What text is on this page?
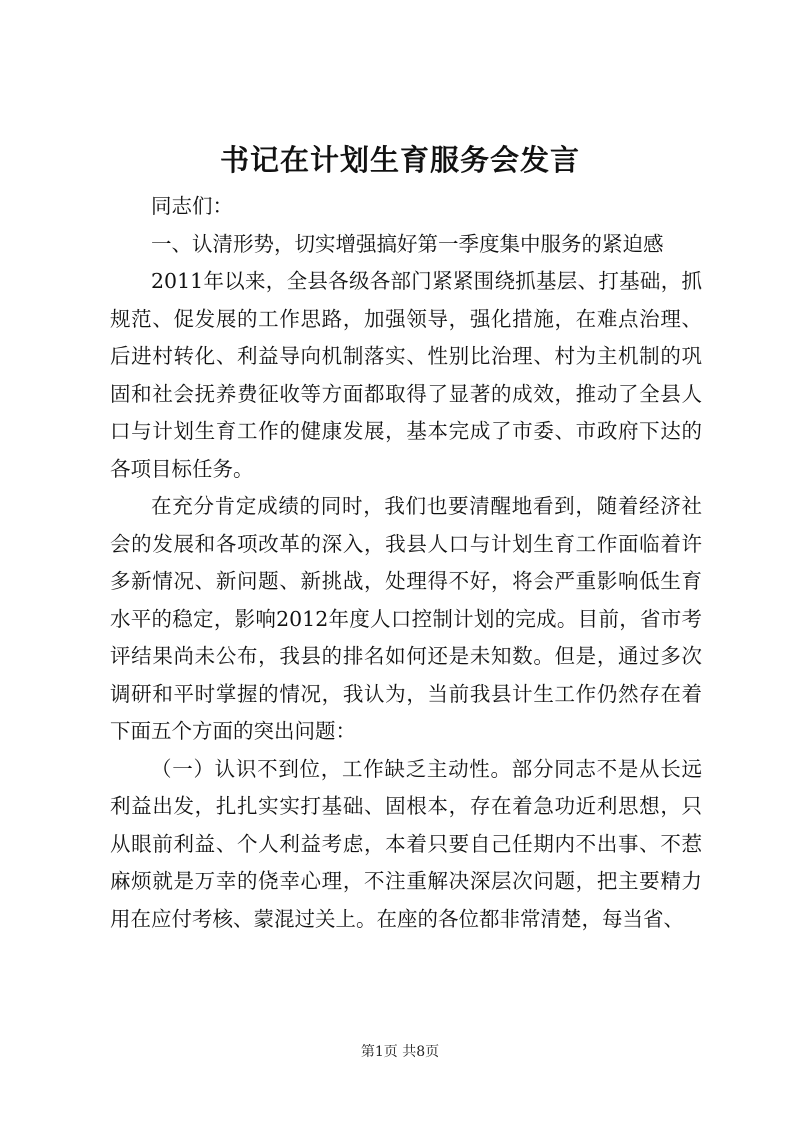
书记在计划生育服务会发言

同志们：

一、认清形势，切实增强搞好第一季度集中服务的紧迫感

2011年以来，全县各级各部门紧紧围绕抓基层、打基础，抓规范、促发展的工作思路，加强领导，强化措施，在难点治理、后进村转化、利益导向机制落实、性别比治理、村为主机制的巩固和社会抚养费征收等方面都取得了显著的成效，推动了全县人口与计划生育工作的健康发展，基本完成了市委、市政府下达的各项目标任务。

在充分肯定成绩的同时，我们也要清醒地看到，随着经济社会的发展和各项改革的深入，我县人口与计划生育工作面临着许多新情况、新问题、新挑战，处理得不好，将会严重影响低生育水平的稳定，影响2012年度人口控制计划的完成。目前，省市考评结果尚未公布，我县的排名如何还是未知数。但是，通过多次调研和平时掌握的情况，我认为，当前我县计生工作仍然存在着下面五个方面的突出问题：

（一）认识不到位，工作缺乏主动性。部分同志不是从长远利益出发，扎扎实实打基础、固根本，存在着急功近利思想，只从眼前利益、个人利益考虑，本着只要自己任期内不出事、不惹麻烦就是万幸的侥幸心理，不注重解决深层次问题，把主要精力用在应付考核、蒙混过关上。在座的各位都非常清楚，每当省、

第1页 共8页
